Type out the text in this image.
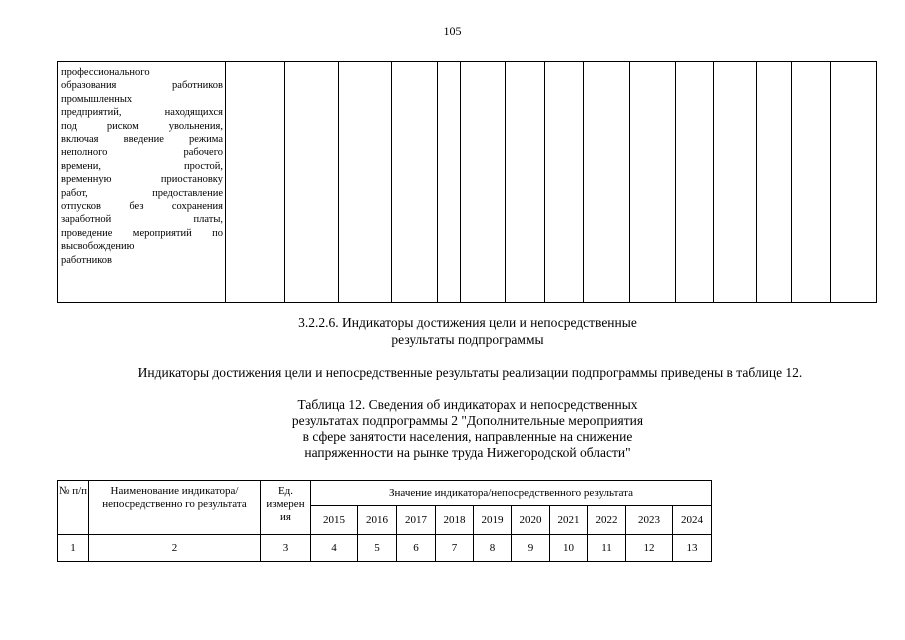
105
профессионального
образования работников
промышленных
предприятий, находящихся
под риском увольнения,
включая введение режима
неполного рабочего
времени, простой,
временную приостановку
работ, предоставление
отпусков без сохранения
заработной платы,
проведение мероприятий по
высвобождению
работников

3.2.2.6. Индикаторы достижения цели и непосредственные
результаты подпрограммы
Индикаторы достижения цели и непосредственные результаты реализации подпрограммы приведены в таблице 12.
Таблица 12. Сведения об индикаторах и непосредственных
результатах подпрограммы 2 "Дополнительные мероприятия
в сфере занятости населения, направленные на снижение
напряженности на рынке труда Нижегородской области"
№ п/п	Наименование индикатора/непосредственно го результата	Ед. измерен ия	Значение индикатора/непосредственного результата									
			2015	2016	2017	2018	2019	2020	2021	2022	2023	2024
1	2	3	4	5	6	7	8	9	10	11	12	13
